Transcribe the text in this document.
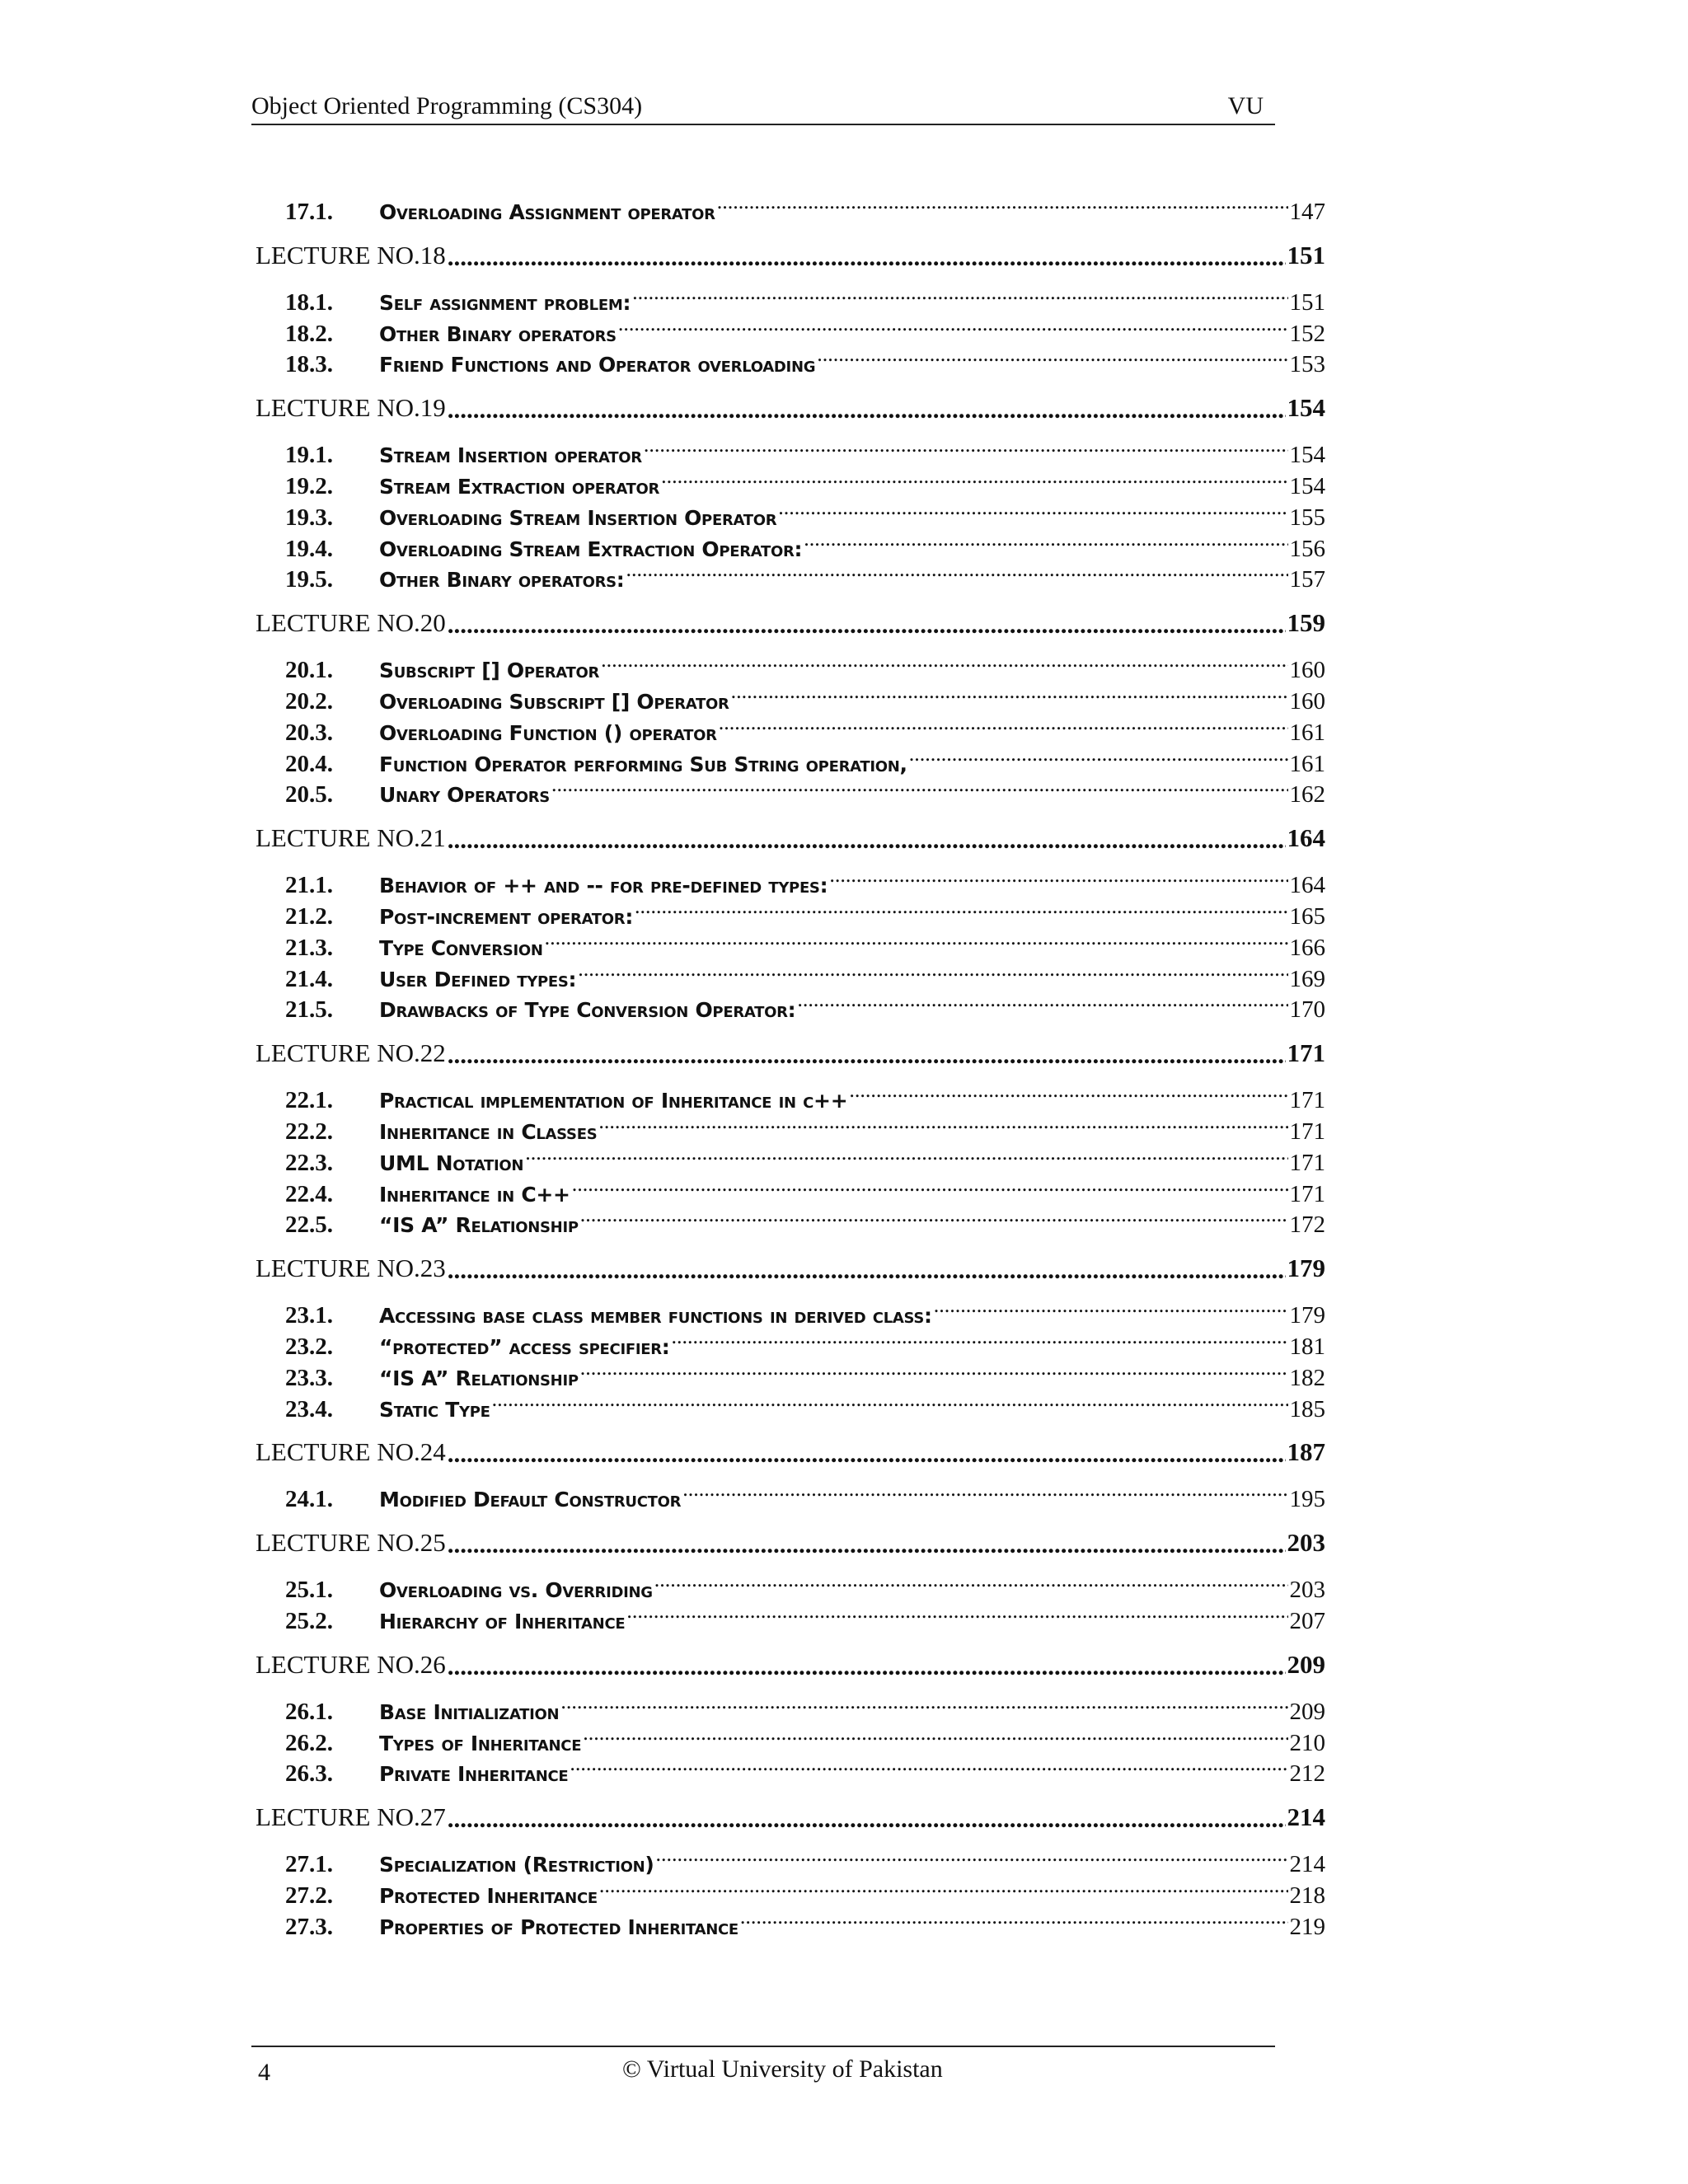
Object Oriented Programming (CS304)	VU
17.1.	Overloading Assignment operator .....	147
LECTURE NO.18 .....	151
18.1.	Self assignment problem: .....	151
18.2.	Other Binary operators .....	152
18.3.	Friend Functions and Operator overloading .....	153
LECTURE NO.19 .....	154
19.1.	Stream Insertion operator .....	154
19.2.	Stream Extraction operator .....	154
19.3.	Overloading Stream Insertion Operator .....	155
19.4.	Overloading Stream Extraction Operator: .....	156
19.5.	Other Binary operators: .....	157
LECTURE NO.20 .....	159
20.1.	Subscript [] Operator .....	160
20.2.	Overloading Subscript [] Operator .....	160
20.3.	Overloading Function () operator .....	161
20.4.	Function Operator performing Sub String operation, .....	161
20.5.	Unary Operators .....	162
LECTURE NO.21 .....	164
21.1.	Behavior of ++ and -- for pre-defined types: .....	164
21.2.	Post-increment operator: .....	165
21.3.	Type Conversion .....	166
21.4.	User Defined types: .....	169
21.5.	Drawbacks of Type Conversion Operator: .....	170
LECTURE NO.22 .....	171
22.1.	Practical implementation of Inheritance in c++ .....	171
22.2.	Inheritance in Classes .....	171
22.3.	UML Notation .....	171
22.4.	Inheritance in C++ .....	171
22.5.	“IS A” Relationship .....	172
LECTURE NO.23 .....	179
23.1.	Accessing base class member functions in derived class: .....	179
23.2.	“protected” access specifier: .....	181
23.3.	“IS A” Relationship .....	182
23.4.	Static Type .....	185
LECTURE NO.24 .....	187
24.1.	Modified Default Constructor .....	195
LECTURE NO.25 .....	203
25.1.	Overloading vs. Overriding .....	203
25.2.	Hierarchy of Inheritance .....	207
LECTURE NO.26 .....	209
26.1.	Base Initialization .....	209
26.2.	Types of Inheritance .....	210
26.3.	Private Inheritance .....	212
LECTURE NO.27 .....	214
27.1.	Specialization (Restriction) .....	214
27.2.	Protected Inheritance .....	218
27.3.	Properties of Protected Inheritance .....	219
4	© Virtual University of Pakistan
